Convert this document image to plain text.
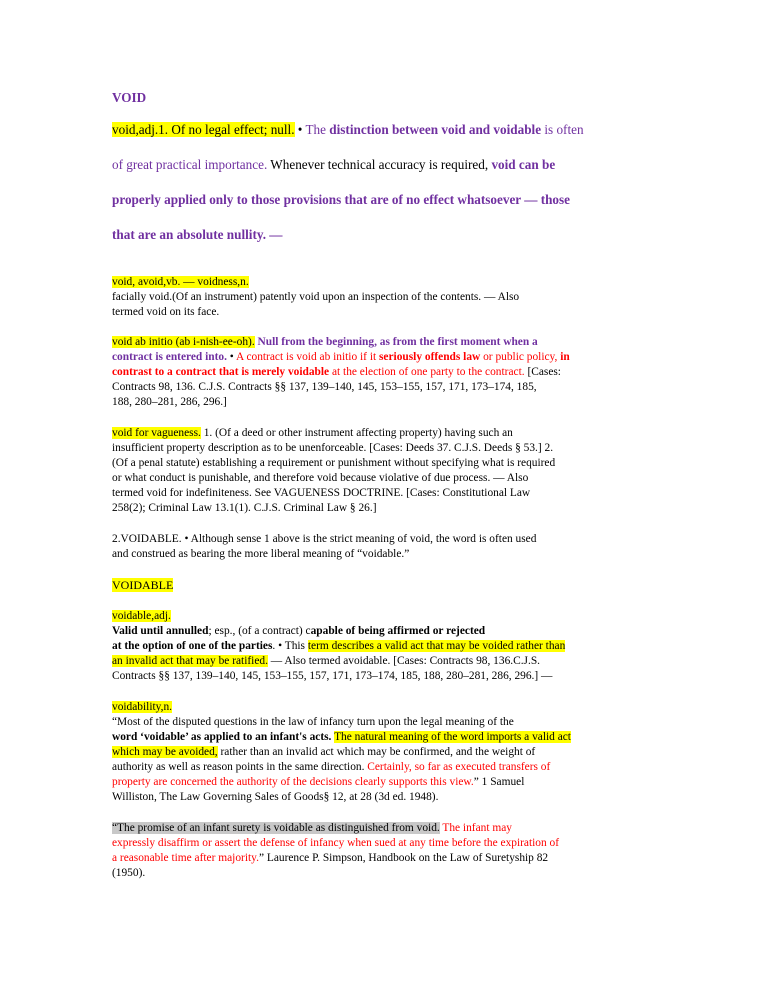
VOID
void,adj.1. Of no legal effect; null. • The distinction between void and voidable is often
of great practical importance. Whenever technical accuracy is required, void can be
properly applied only to those provisions that are of no effect whatsoever — those
that are an absolute nullity. —
void, avoid,vb. — voidness,n.
facially void.(Of an instrument) patently void upon an inspection of the contents. — Also
termed void on its face.
void ab initio (ab i-nish-ee-oh). Null from the beginning, as from the first moment when a
contract is entered into. • A contract is void ab initio if it seriously offends law or public policy, in
contrast to a contract that is merely voidable at the election of one party to the contract. [Cases:
Contracts 98, 136. C.J.S. Contracts §§ 137, 139–140, 145, 153–155, 157, 171, 173–174, 185,
188, 280–281, 286, 296.]
void for vagueness. 1. (Of a deed or other instrument affecting property) having such an
insufficient property description as to be unenforceable. [Cases: Deeds 37. C.J.S. Deeds § 53.] 2.
(Of a penal statute) establishing a requirement or punishment without specifying what is required
or what conduct is punishable, and therefore void because violative of due process. — Also
termed void for indefiniteness. See VAGUENESS DOCTRINE. [Cases: Constitutional Law
258(2); Criminal Law 13.1(1). C.J.S. Criminal Law § 26.]
2.VOIDABLE. • Although sense 1 above is the strict meaning of void, the word is often used
and construed as bearing the more liberal meaning of “voidable.”
VOIDABLE
voidable,adj.
Valid until annulled; esp., (of a contract) capable of being affirmed or rejected
at the option of one of the parties. • This term describes a valid act that may be voided rather than
an invalid act that may be ratified. — Also termed avoidable. [Cases: Contracts 98, 136.C.J.S.
Contracts §§ 137, 139–140, 145, 153–155, 157, 171, 173–174, 185, 188, 280–281, 286, 296.] —
voidability,n.
“Most of the disputed questions in the law of infancy turn upon the legal meaning of the
word ‘voidable’ as applied to an infant's acts. The natural meaning of the word imports a valid act
which may be avoided, rather than an invalid act which may be confirmed, and the weight of
authority as well as reason points in the same direction. Certainly, so far as executed transfers of
property are concerned the authority of the decisions clearly supports this view.” 1 Samuel
Williston, The Law Governing Sales of Goods§ 12, at 28 (3d ed. 1948).
“The promise of an infant surety is voidable as distinguished from void. The infant may
expressly disaffirm or assert the defense of infancy when sued at any time before the expiration of
a reasonable time after majority.” Laurence P. Simpson, Handbook on the Law of Suretyship 82
(1950).
